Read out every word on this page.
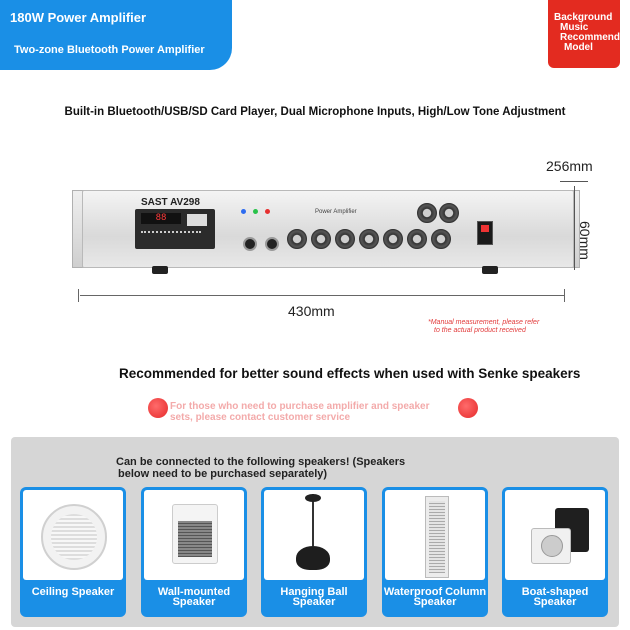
180W Power Amplifier
Two-zone Bluetooth Power Amplifier
Background
Music
Recommend
Model
Built-in Bluetooth/USB/SD Card Player, Dual Microphone Inputs, High/Low Tone Adjustment
SAST AV298
88
Power Amplifier
256mm
60mm
430mm
*Manual measurement, please refer
to the actual product received
Recommended for better sound effects when used with Senke speakers
For those who need to purchase amplifier and speaker
sets, please contact customer service
Can be connected to the following speakers! (Speakers
below need to be purchased separately)
Ceiling Speaker	Wall-mounted
Speaker
Hanging Ball
Speaker
Waterproof Column
Speaker
Boat-shaped
Speaker
